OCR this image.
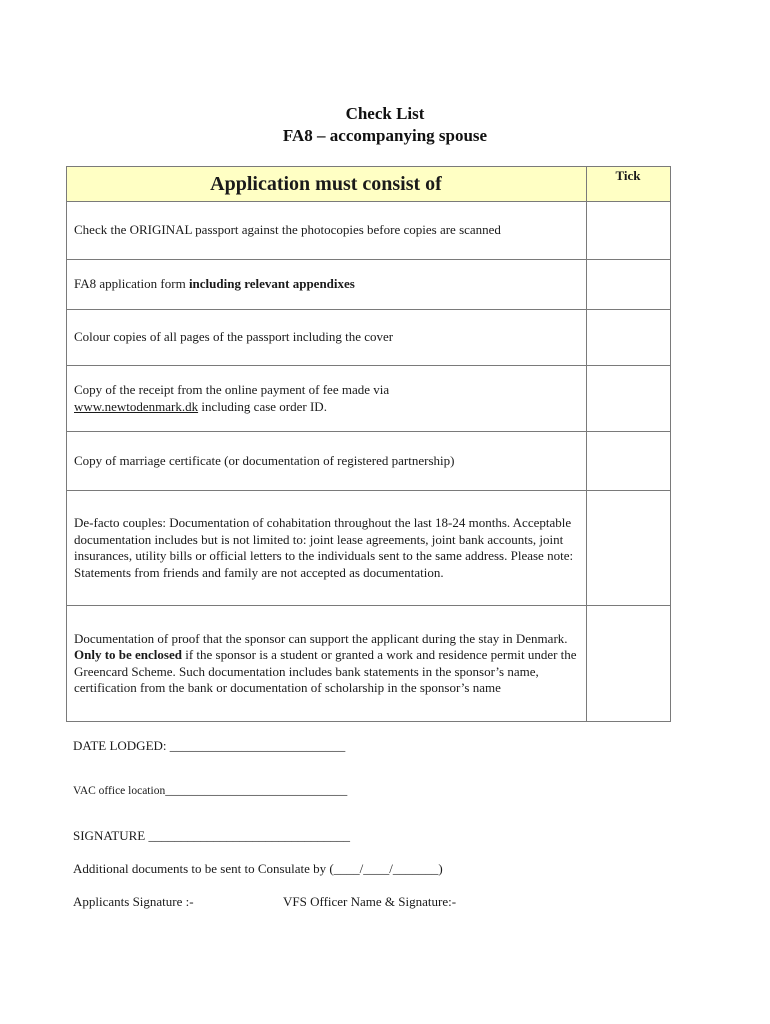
Check List
FA8 – accompanying spouse
Application must consist of	Tick
Check the ORIGINAL passport against the photocopies before copies are scanned	
FA8 application form including relevant appendixes	
Colour copies of all pages of the passport including the cover	
Copy of the receipt from the online payment of fee made via
www.newtodenmark.dk including case order ID.	
Copy of marriage certificate (or documentation of registered partnership)	
De-facto couples: Documentation of cohabitation throughout the last 18-24 months. Acceptable documentation includes but is not limited to: joint lease agreements, joint bank accounts, joint insurances, utility bills or official letters to the individuals sent to the same address. Please note: Statements from friends and family are not accepted as documentation.	
Documentation of proof that the sponsor can support the applicant during the stay in Denmark. Only to be enclosed if the sponsor is a student or granted a work and residence permit under the Greencard Scheme. Such documentation includes bank statements in the sponsor’s name, certification from the bank or documentation of scholarship in the sponsor’s name	
DATE LODGED: ___________________________
VAC office location____________________________
SIGNATURE _______________________________
Additional documents to be sent to Consulate by (____/____/_______)
Applicants Signature :-	VFS Officer Name & Signature:-
